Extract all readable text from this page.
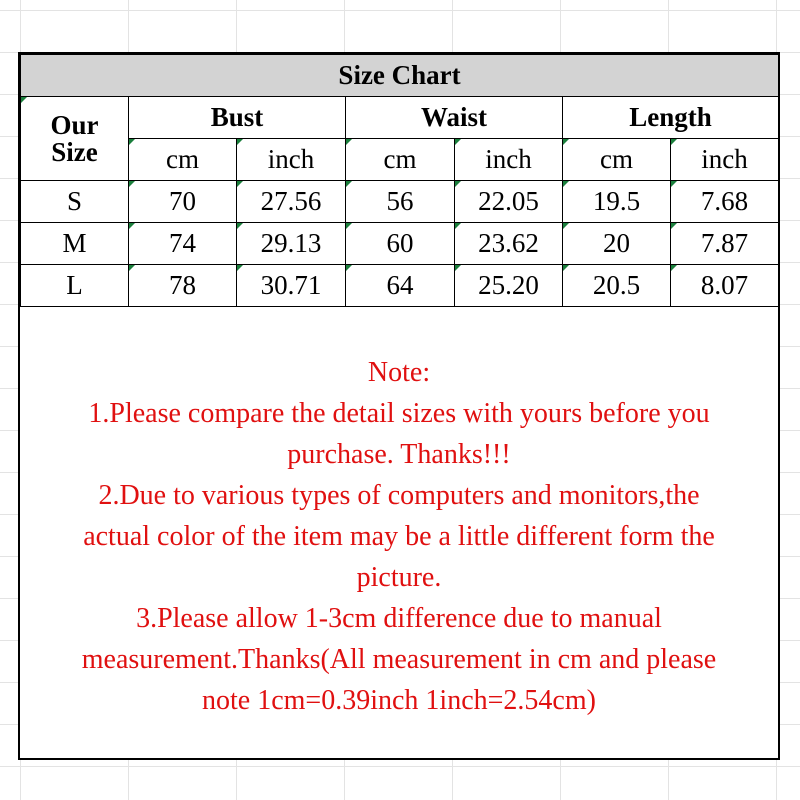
Size Chart						
Our
Size	Bust		Waist		Length	
	cm	inch	cm	inch	cm	inch
S	70	27.56	56	22.05	19.5	7.68
M	74	29.13	60	23.62	20	7.87
L	78	30.71	64	25.20	20.5	8.07
Note:
1.Please compare the detail sizes with yours before you
purchase. Thanks!!!
2.Due to various types of computers and monitors,the
actual color of the item may be a little different form the
picture.
3.Please allow 1-3cm difference due to manual
measurement.Thanks(All measurement in cm and please
note 1cm=0.39inch 1inch=2.54cm)
